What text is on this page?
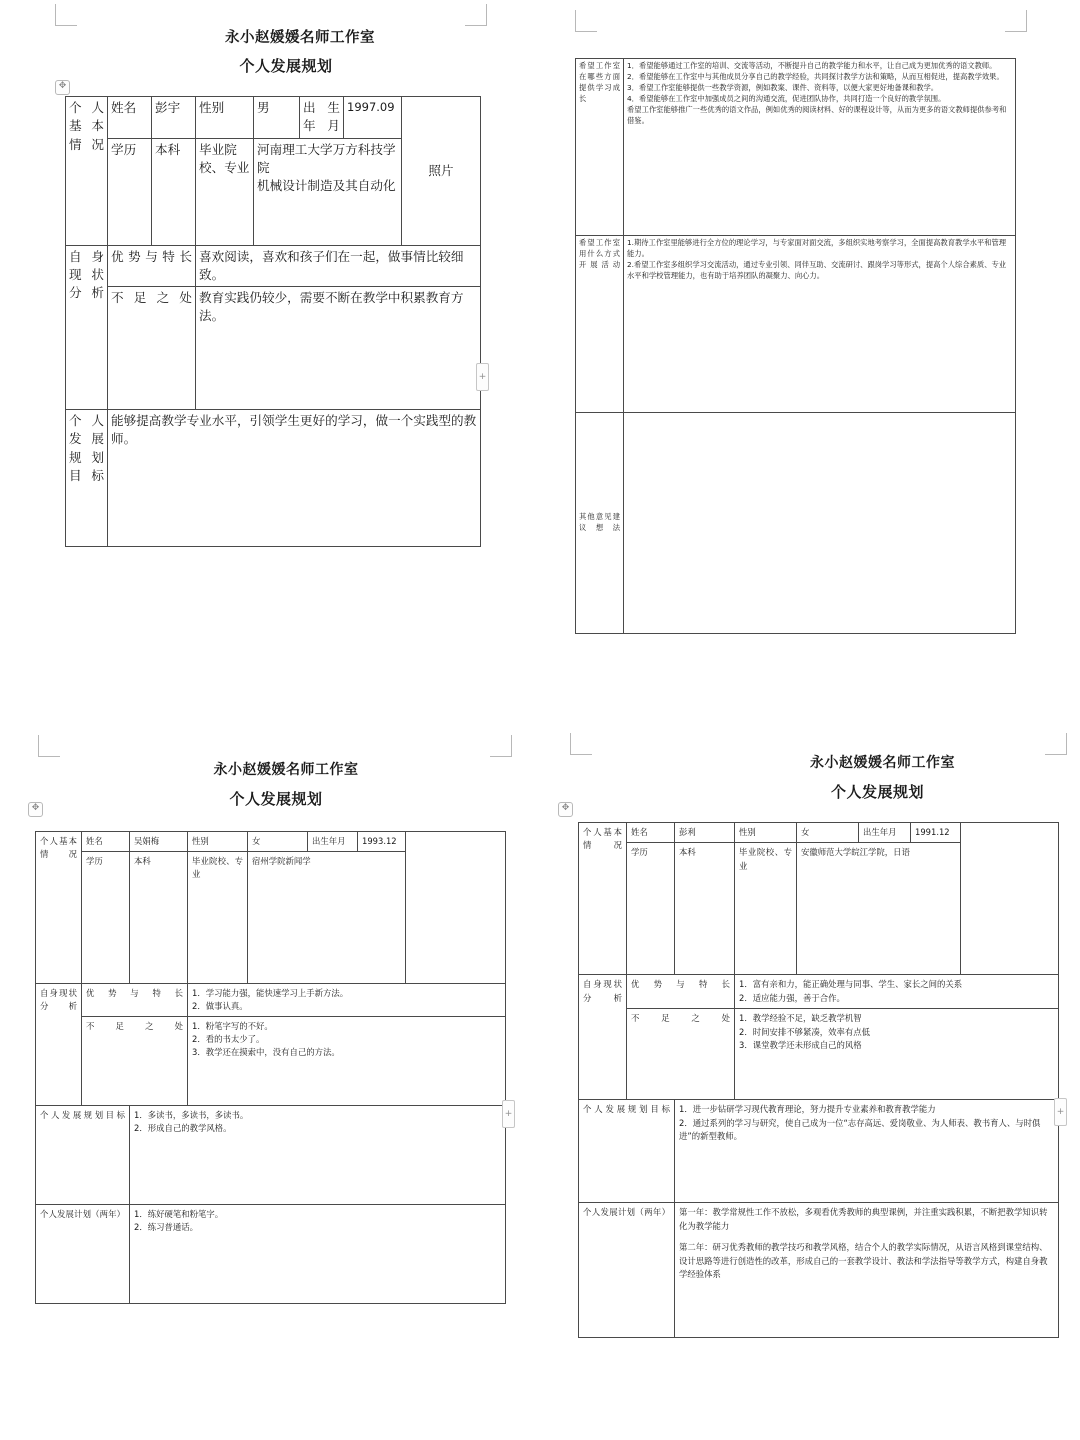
永小赵媛媛名师工作室
个人发展规划
✥
+
个人基本情况	姓名	彭宇	性别	男	出生年月	1997.09	照片
	学历	本科	毕业院校、专业	河南理工大学万方科技学院
机械设计制造及其自动化			

自身现状分析	优势与特长		喜欢阅读，喜欢和孩子们在一起，做事情比较细致。				
	不足之处		教育实践仍较少，需要不断在教学中积累教育方法。				
个人发展规划目标	能够提高教学专业水平，引领学生更好的学习，做一个实践型的教师。						
希望工作室在哪些方面提供学习成长	1．希望能够通过工作室的培训、交流等活动，不断提升自己的教学能力和水平，让自己成为更加优秀的语文教师。
2．希望能够在工作室中与其他成员分享自己的教学经验，共同探讨教学方法和策略，从而互相促进，提高教学效果。
3．希望工作室能够提供一些教学资源，例如教案、课件、资料等，以便大家更好地备课和教学。
4．希望能够在工作室中加强成员之间的沟通交流，促进团队协作，共同打造一个良好的教学氛围。
希望工作室能够推广一些优秀的语文作品，例如优秀的阅读材料、好的课程设计等，从而为更多的语文教师提供参考和借鉴。

希望工作室用什么方式开展活动	1.期待工作室里能够进行全方位的理论学习，与专家面对面交流，多组织实地考察学习，全面提高教育教学水平和管理能力。
2.希望工作室多组织学习交流活动，通过专业引领、同伴互助、交流研讨、跟岗学习等形式，提高个人综合素质、专业水平和学校管理能力，也有助于培养团队的凝聚力、向心力。

其他意见建议想法	
永小赵媛媛名师工作室
个人发展规划
✥
+
个人基本情况	姓名	吴娟梅	性别	女	出生年月	1993.12	
	学历	本科	毕业院校、专业	宿州学院新闻学			
自身现状分析	优势与特长		1．学习能力强，能快速学习上手新方法。
2．做事认真。				

	不足之处		1．粉笔字写的不好。
2．看的书太少了。
3．教学还在摸索中，没有自己的方法。				

个人发展规划目标		1．多读书，多读书，多读书。
2．形成自己的教学风格。					

个人发展计划（两年）		1．练好硬笔和粉笔字。
2．练习普通话。					
永小赵媛媛名师工作室
个人发展规划
✥
+
个人基本情况	姓名	彭利	性别	女	出生年月	1991.12	
	学历	本科	毕业院校、专业	安徽师范大学皖江学院，日语			
自身现状分析	优势与特长		1．富有亲和力，能正确处理与同事、学生、家长之间的关系
2．适应能力强，善于合作。				

	不足之处		1．教学经验不足，缺乏教学机智
2．时间安排不够紧凑，效率有点低
3．课堂教学还未形成自己的风格				

个人发展规划目标		1．进一步钻研学习现代教育理论，努力提升专业素养和教育教学能力
2．通过系列的学习与研究，使自己成为一位“志存高远、爱岗敬业、为人师表、教书育人、与时俱进”的新型教师。					

个人发展计划（两年）		第一年：教学常规性工作不放松，多观看优秀教师的典型课例，并注重实践积累，不断把教学知识转化为教学能力
第二年：研习优秀教师的教学技巧和教学风格，结合个人的教学实际情况，从语言风格到课堂结构、设计思路等进行创造性的改革，形成自己的一套教学设计、教法和学法指导等教学方式，构建自身教学经验体系					
